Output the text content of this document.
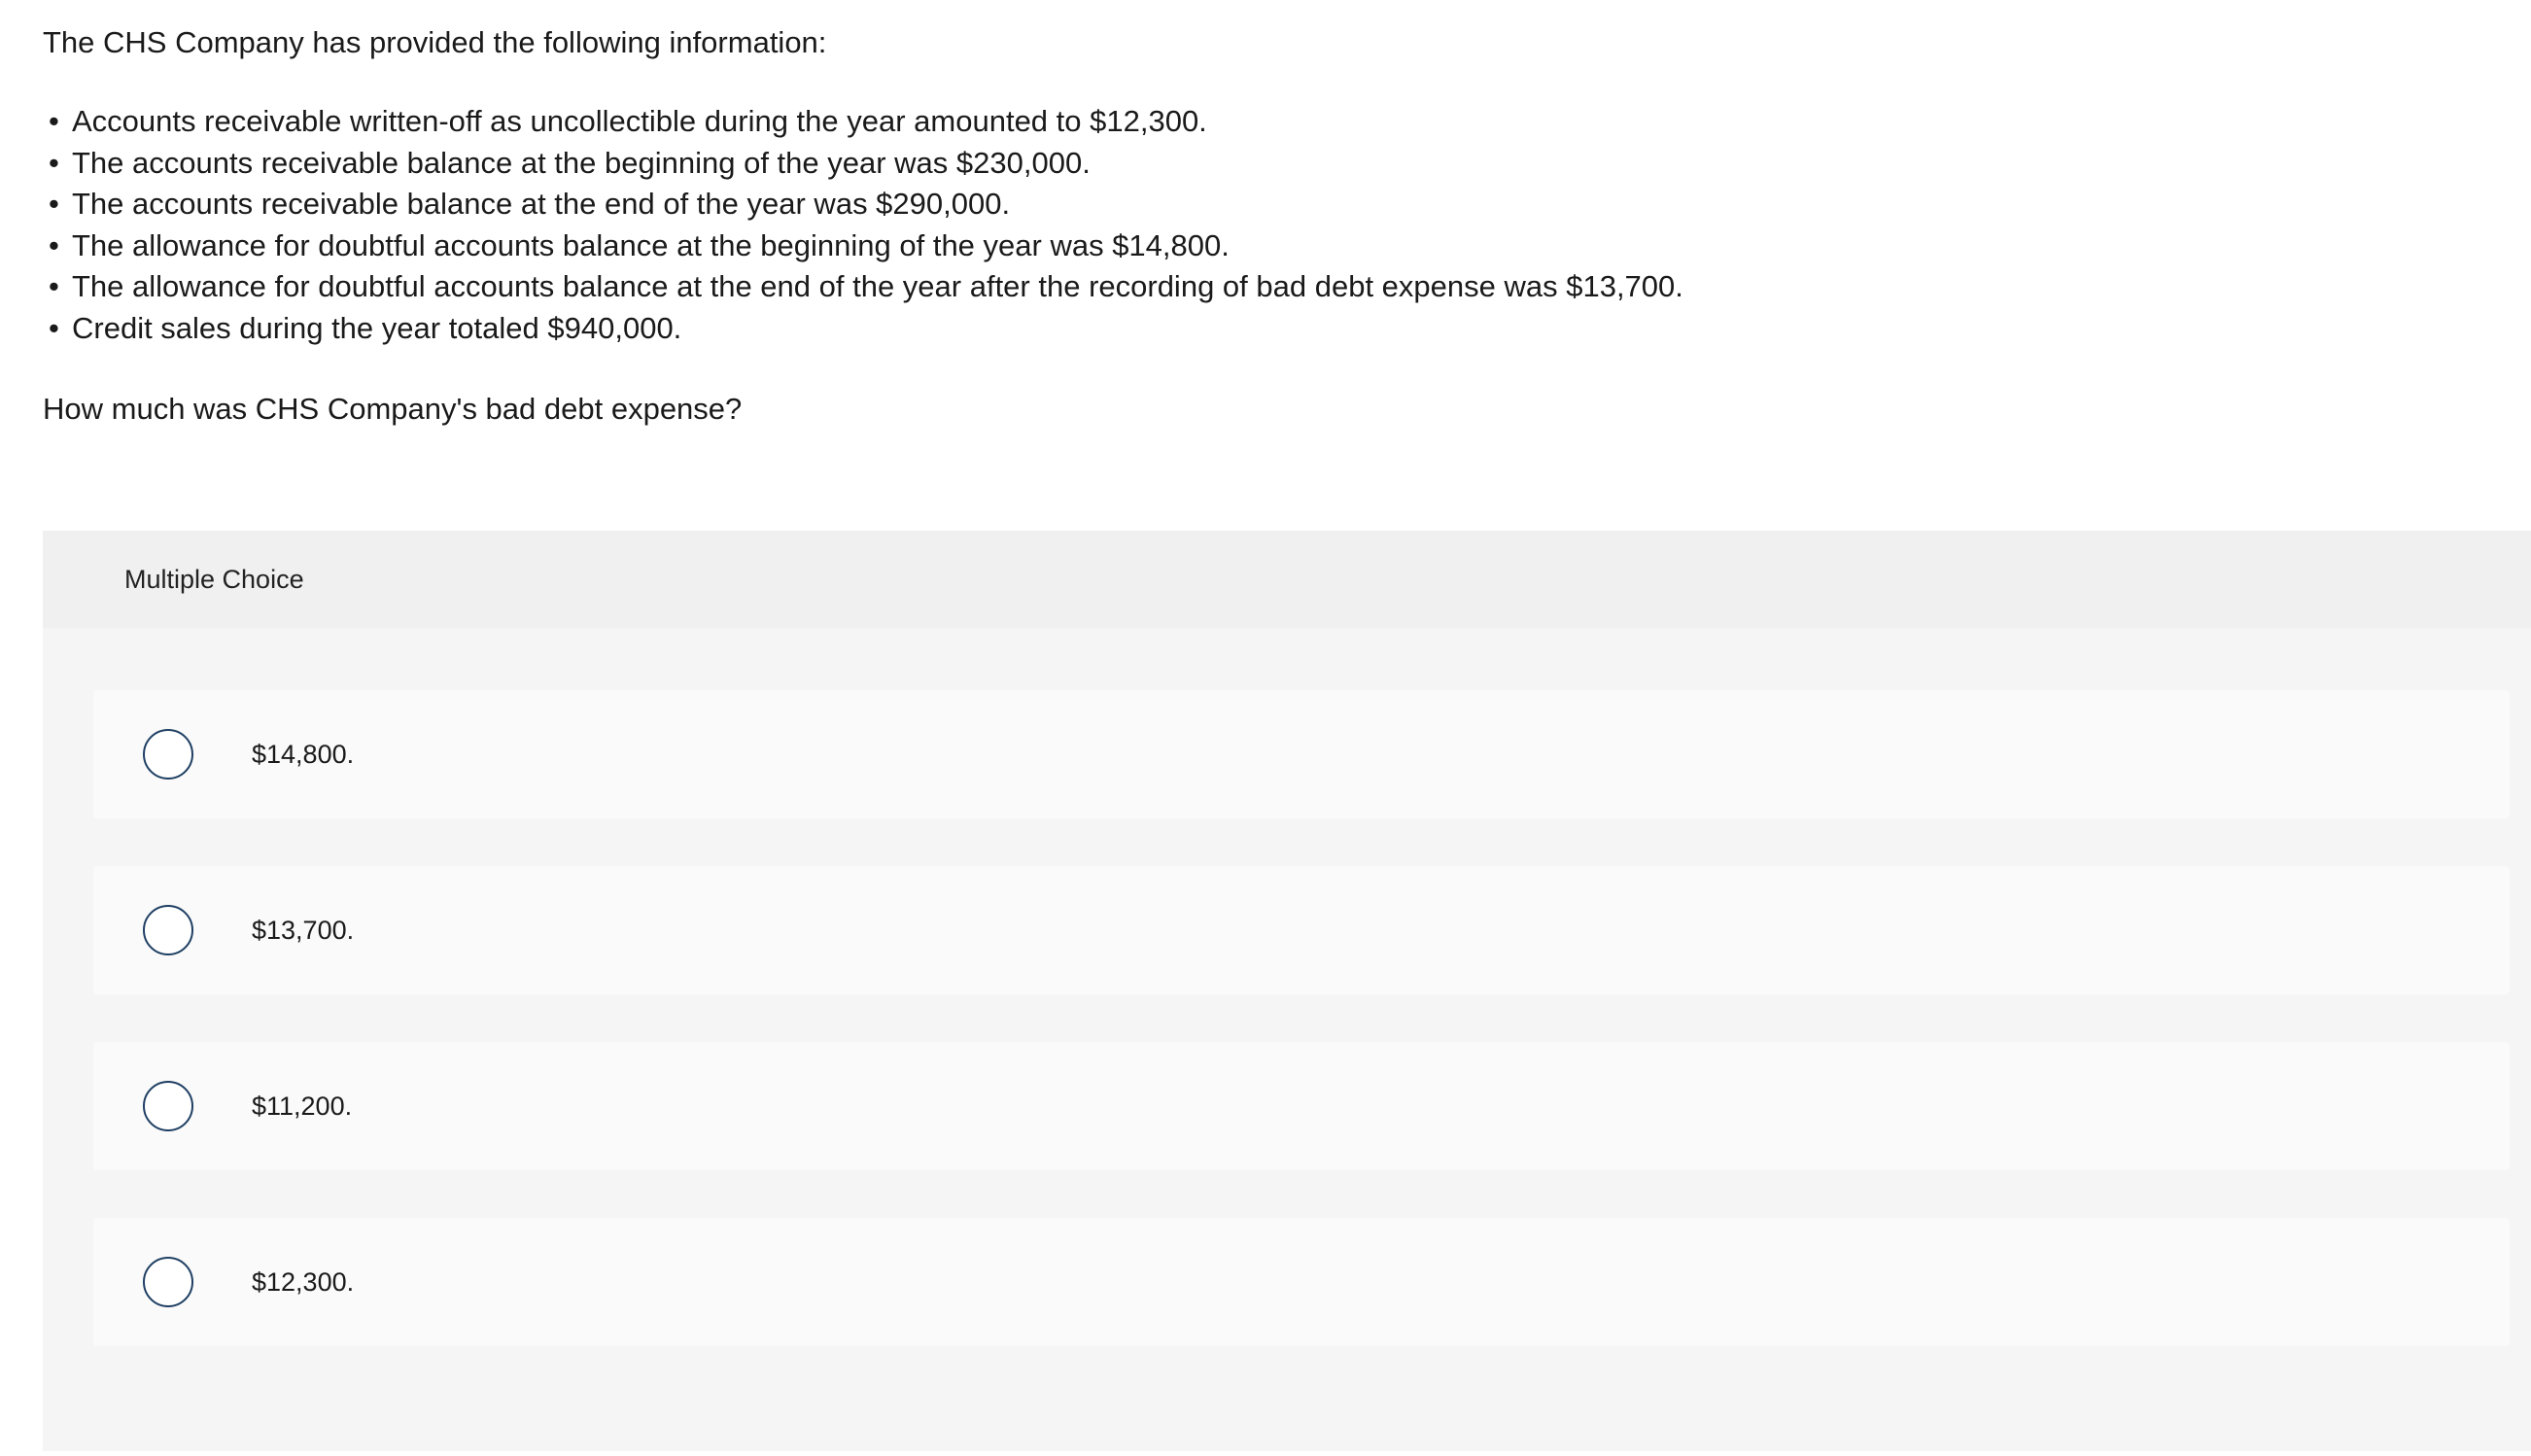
The CHS Company has provided the following information:

• Accounts receivable written-off as uncollectible during the year amounted to $12,300.
• The accounts receivable balance at the beginning of the year was $230,000.
• The accounts receivable balance at the end of the year was $290,000.
• The allowance for doubtful accounts balance at the beginning of the year was $14,800.
• The allowance for doubtful accounts balance at the end of the year after the recording of bad debt expense was $13,700.
• Credit sales during the year totaled $940,000.

How much was CHS Company's bad debt expense?

Multiple Choice
$14,800.
$13,700.
$11,200.
$12,300.
